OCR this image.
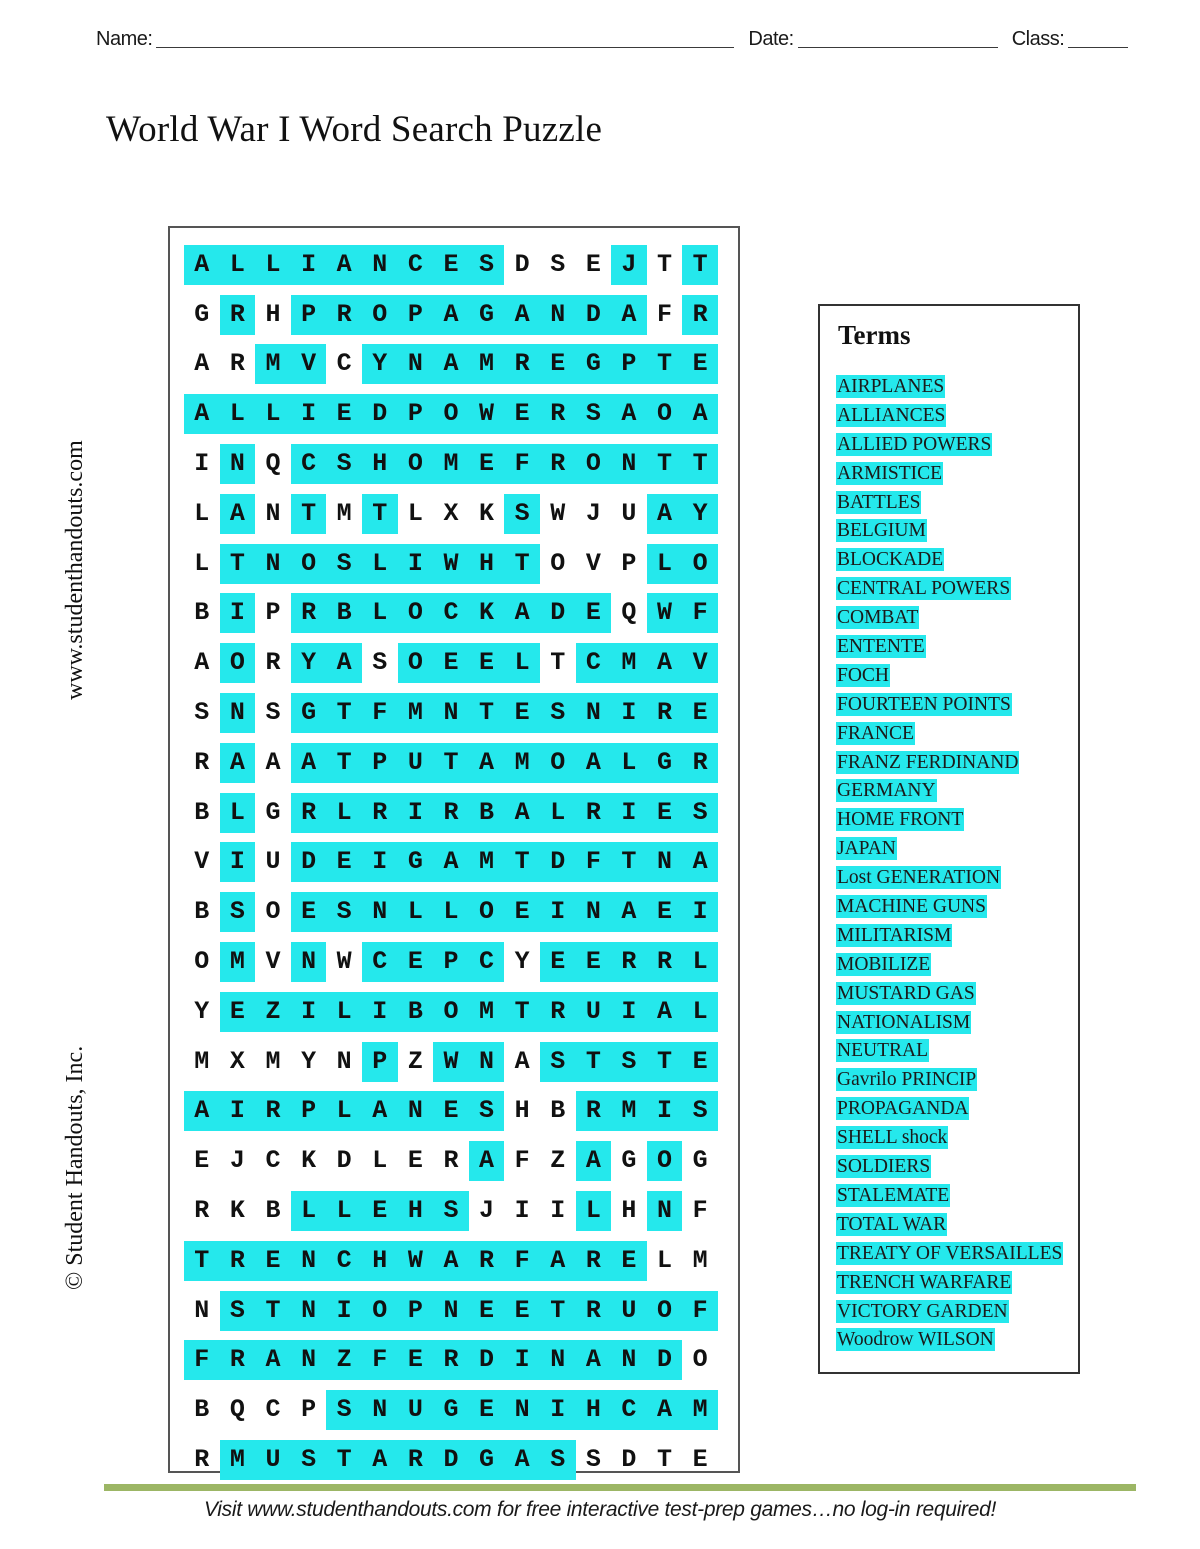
Name:	Date:	Class:
World War I Word Search Puzzle
www.studenthandouts.com
© Student Handouts, Inc.
A L L I A N C E S D S E J T T
G R H P R O P A G A N D A F R
A R M V C Y N A M R E G P T E
A L L I E D P O W E R S A O A
I N Q C S H O M E F R O N T T
L A N T M T L X K S W J U A Y
L T N O S L I W H T O V P L O
B I P R B L O C K A D E Q W F
A O R Y A S O E E L T C M A V
S N S G T F M N T E S N I R E
R A A A T P U T A M O A L G R
B L G R L R I R B A L R I E S
V I U D E I G A M T D F T N A
B S O E S N L L O E I N A E I
O M V N W C E P C Y E E R R L
Y E Z I L I B O M T R U I A L
M X M Y N P Z W N A S T S T E
A I R P L A N E S H B R M I S
E J C K D L E R A F Z A G O G
R K B L L E H S J I I L H N F
T R E N C H W A R F A R E L M
N S T N I O P N E E T R U O F
F R A N Z F E R D I N A N D O
B Q C P S N U G E N I H C A M
R M U S T A R D G A S S D T E
Terms
AIRPLANES
ALLIANCES
ALLIED POWERS
ARMISTICE
BATTLES
BELGIUM
BLOCKADE
CENTRAL POWERS
COMBAT
ENTENTE
FOCH
FOURTEEN POINTS
FRANCE
FRANZ FERDINAND
GERMANY
HOME FRONT
JAPAN
Lost GENERATION
MACHINE GUNS
MILITARISM
MOBILIZE
MUSTARD GAS
NATIONALISM
NEUTRAL
Gavrilo PRINCIP
PROPAGANDA
SHELL shock
SOLDIERS
STALEMATE
TOTAL WAR
TREATY OF VERSAILLES
TRENCH WARFARE
VICTORY GARDEN
Woodrow WILSON
Visit www.studenthandouts.com for free interactive test-prep games…no log-in required!
